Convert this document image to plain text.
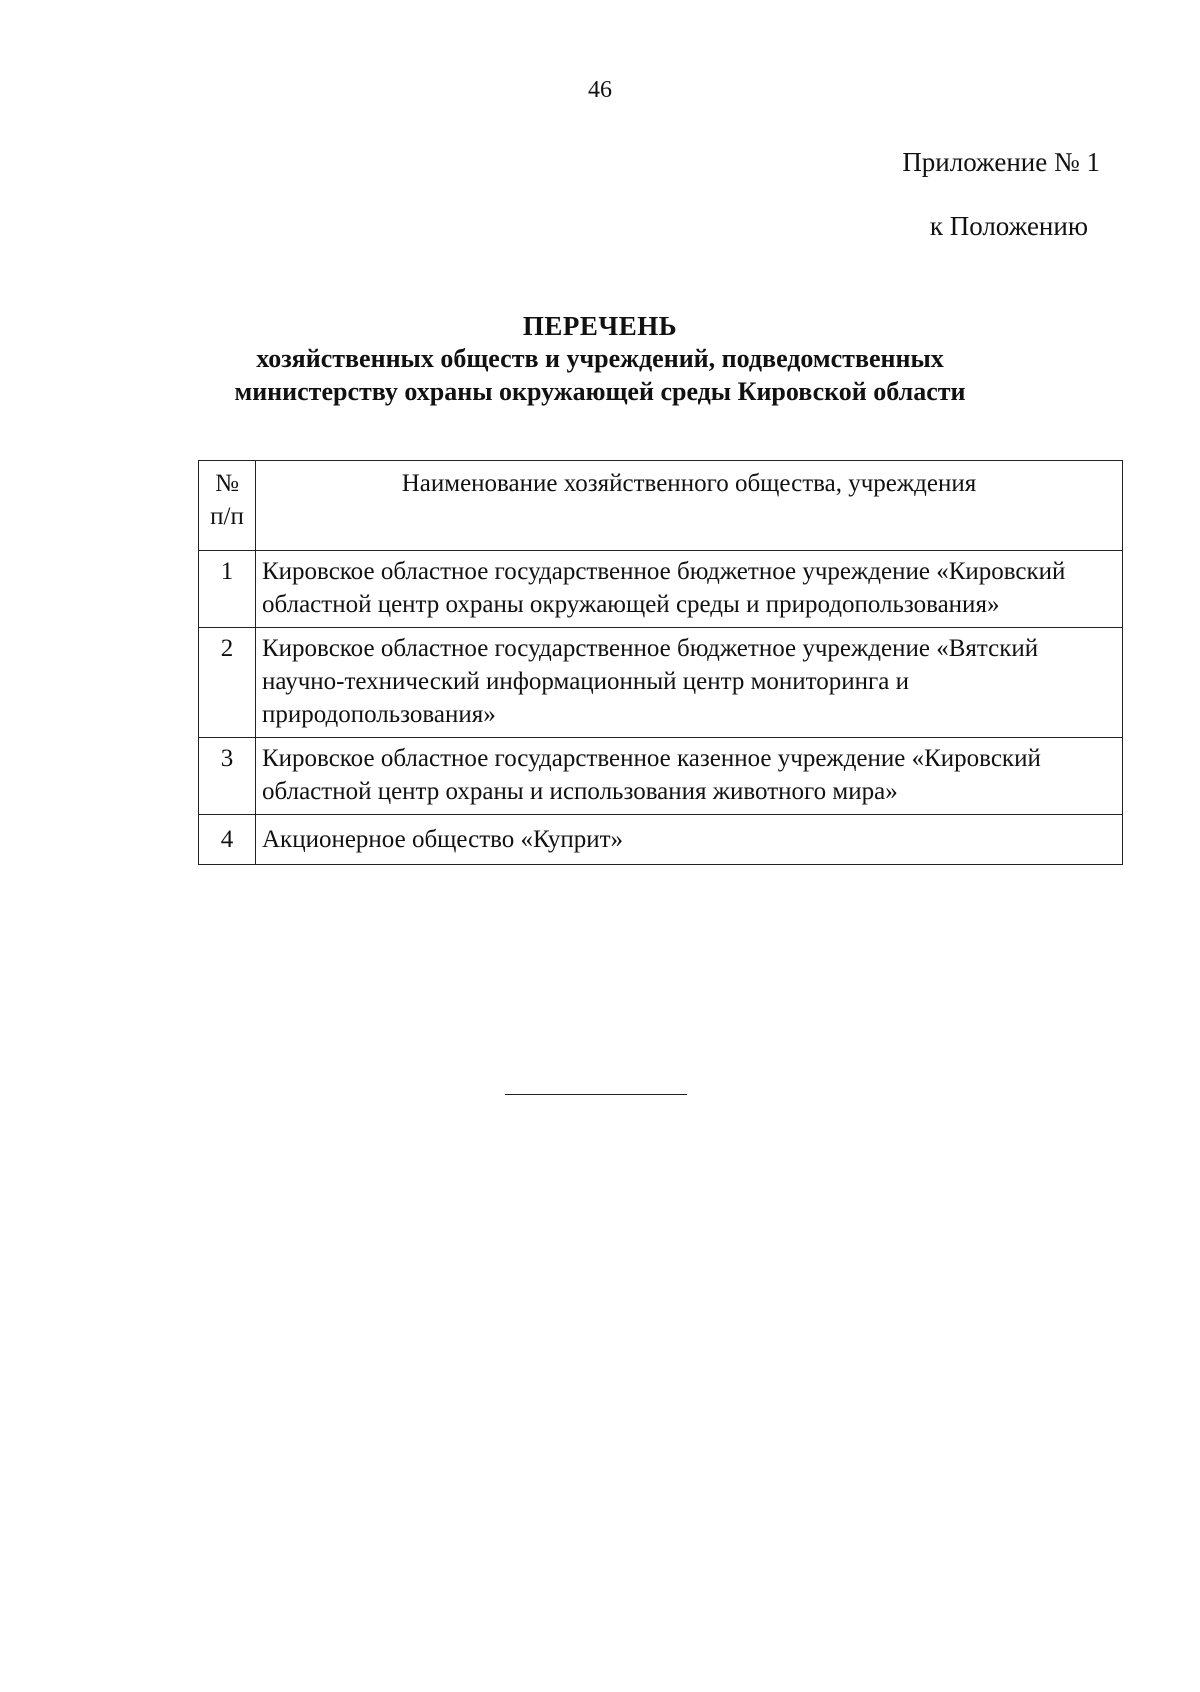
46
Приложение № 1
к Положению
ПЕРЕЧЕНЬ
хозяйственных обществ и учреждений, подведомственных
министерству охраны окружающей среды Кировской области
№ п/п	Наименование хозяйственного общества, учреждения
1	Кировское областное государственное бюджетное учреждение «Кировский областной центр охраны окружающей среды и природопользования»
2	Кировское областное государственное бюджетное учреждение «Вятский научно-технический информационный центр мониторинга и природопользования»
3	Кировское областное государственное казенное учреждение «Кировский областной центр охраны и использования животного мира»
4	Акционерное общество «Куприт»
